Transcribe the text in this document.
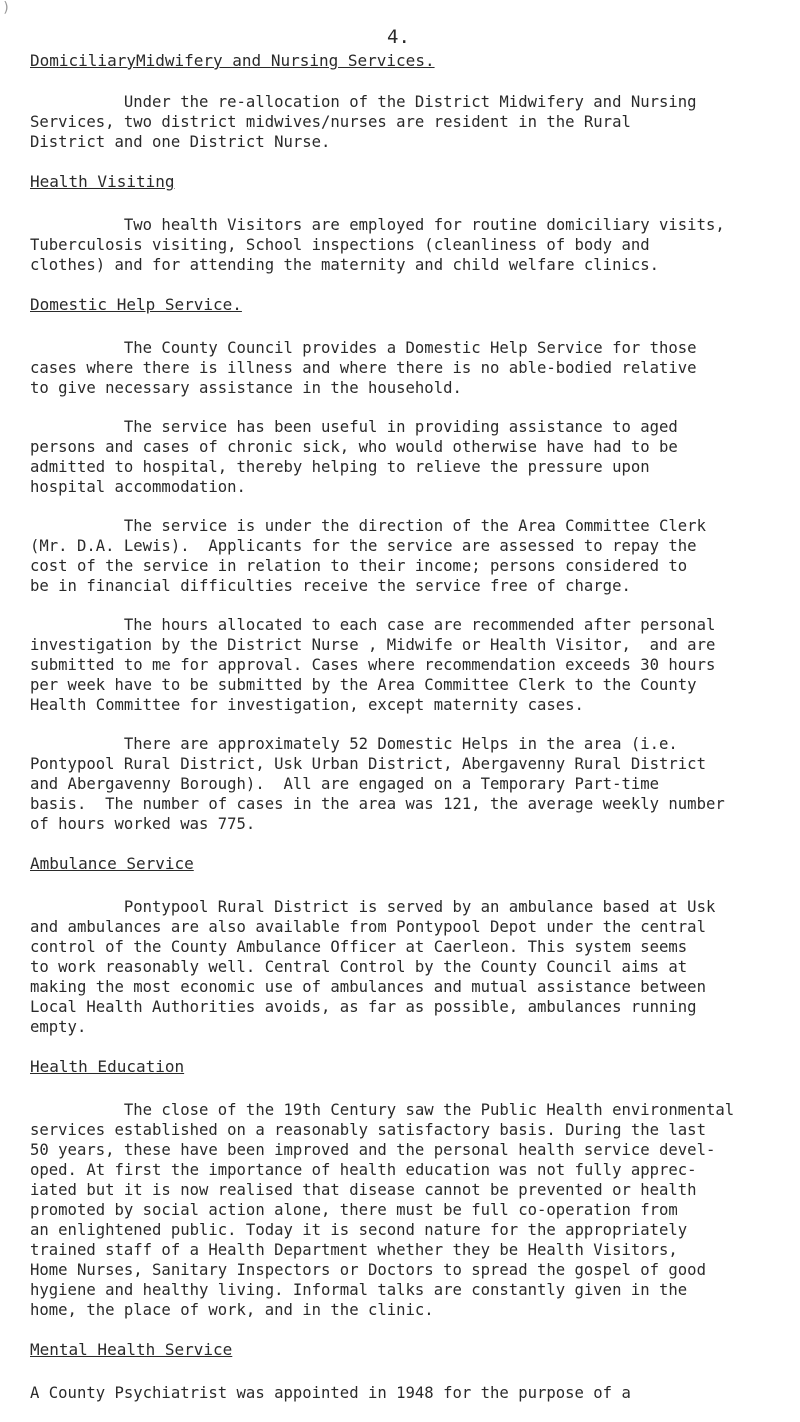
)
4.
DomiciliaryMidwifery and Nursing Services.
Under the re-allocation of the District Midwifery and Nursing
Services, two district midwives/nurses are resident in the Rural
District and one District Nurse.
Health Visiting
Two health Visitors are employed for routine domiciliary visits,
Tuberculosis visiting, School inspections (cleanliness of body and
clothes) and for attending the maternity and child welfare clinics.
Domestic Help Service.
The County Council provides a Domestic Help Service for those
cases where there is illness and where there is no able-bodied relative
to give necessary assistance in the household.
The service has been useful in providing assistance to aged
persons and cases of chronic sick, who would otherwise have had to be
admitted to hospital, thereby helping to relieve the pressure upon
hospital accommodation.
The service is under the direction of the Area Committee Clerk
(Mr. D.A. Lewis).  Applicants for the service are assessed to repay the
cost of the service in relation to their income; persons considered to
be in financial difficulties receive the service free of charge.
The hours allocated to each case are recommended after personal
investigation by the District Nurse , Midwife or Health Visitor,  and are
submitted to me for approval. Cases where recommendation exceeds 30 hours
per week have to be submitted by the Area Committee Clerk to the County
Health Committee for investigation, except maternity cases.
There are approximately 52 Domestic Helps in the area (i.e.
Pontypool Rural District, Usk Urban District, Abergavenny Rural District
and Abergavenny Borough).  All are engaged on a Temporary Part-time
basis.  The number of cases in the area was 121, the average weekly number
of hours worked was 775.
Ambulance Service
Pontypool Rural District is served by an ambulance based at Usk
and ambulances are also available from Pontypool Depot under the central
control of the County Ambulance Officer at Caerleon. This system seems
to work reasonably well. Central Control by the County Council aims at
making the most economic use of ambulances and mutual assistance between
Local Health Authorities avoids, as far as possible, ambulances running
empty.
Health Education
The close of the 19th Century saw the Public Health environmental
services established on a reasonably satisfactory basis. During the last
50 years, these have been improved and the personal health service devel-
oped. At first the importance of health education was not fully apprec-
iated but it is now realised that disease cannot be prevented or health
promoted by social action alone, there must be full co-operation from
an enlightened public. Today it is second nature for the appropriately
trained staff of a Health Department whether they be Health Visitors,
Home Nurses, Sanitary Inspectors or Doctors to spread the gospel of good
hygiene and healthy living. Informal talks are constantly given in the
home, the place of work, and in the clinic.
Mental Health Service
A County Psychiatrist was appointed in 1948 for the purpose of a
